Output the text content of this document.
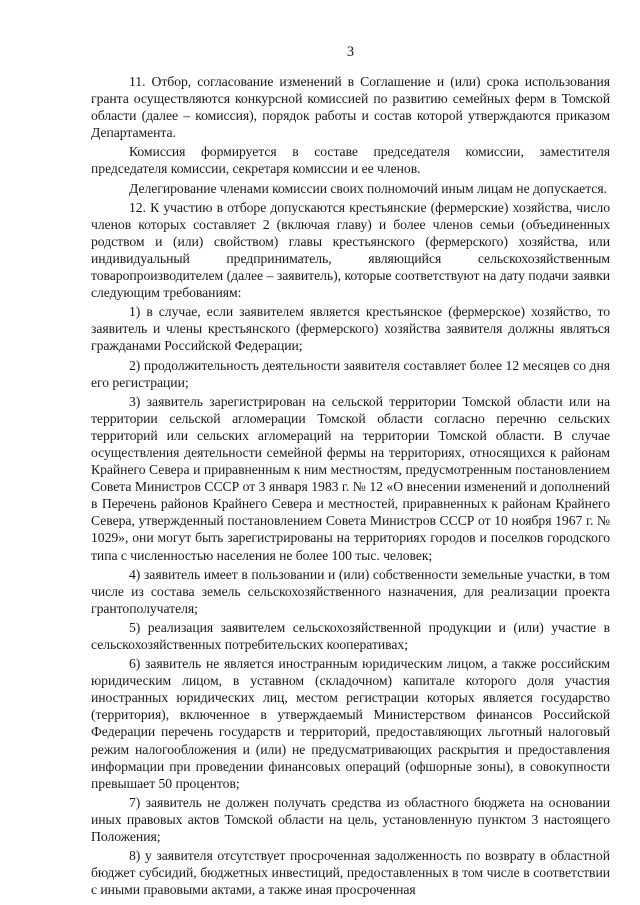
3

11. Отбор, согласование изменений в Соглашение и (или) срока использования гранта осуществляются конкурсной комиссией по развитию семейных ферм в Томской области (далее – комиссия), порядок работы и состав которой утверждаются приказом Департамента.

Комиссия формируется в составе председателя комиссии, заместителя председателя комиссии, секретаря комиссии и ее членов.

Делегирование членами комиссии своих полномочий иным лицам не допускается.

12. К участию в отборе допускаются крестьянские (фермерские) хозяйства, число членов которых составляет 2 (включая главу) и более членов семьи (объединенных родством и (или) свойством) главы крестьянского (фермерского) хозяйства, или индивидуальный предприниматель, являющийся сельскохозяйственным товаропроизводителем (далее – заявитель), которые соответствуют на дату подачи заявки следующим требованиям:

1) в случае, если заявителем является крестьянское (фермерское) хозяйство, то заявитель и члены крестьянского (фермерского) хозяйства заявителя должны являться гражданами Российской Федерации;

2) продолжительность деятельности заявителя составляет более 12 месяцев со дня его регистрации;

3) заявитель зарегистрирован на сельской территории Томской области или на территории сельской агломерации Томской области согласно перечню сельских территорий или сельских агломераций на территории Томской области. В случае осуществления деятельности семейной фермы на территориях, относящихся к районам Крайнего Севера и приравненным к ним местностям, предусмотренным постановлением Совета Министров СССР от 3 января 1983 г. № 12 «О внесении изменений и дополнений в Перечень районов Крайнего Севера и местностей, приравненных к районам Крайнего Севера, утвержденный постановлением Совета Министров СССР от 10 ноября 1967 г. № 1029», они могут быть зарегистрированы на территориях городов и поселков городского типа с численностью населения не более 100 тыс. человек;

4) заявитель имеет в пользовании и (или) собственности земельные участки, в том числе из состава земель сельскохозяйственного назначения, для реализации проекта грантополучателя;

5) реализация заявителем сельскохозяйственной продукции и (или) участие в сельскохозяйственных потребительских кооперативах;

6) заявитель не является иностранным юридическим лицом, а также российским юридическим лицом, в уставном (складочном) капитале которого доля участия иностранных юридических лиц, местом регистрации которых является государство (территория), включенное в утверждаемый Министерством финансов Российской Федерации перечень государств и территорий, предоставляющих льготный налоговый режим налогообложения и (или) не предусматривающих раскрытия и предоставления информации при проведении финансовых операций (офшорные зоны), в совокупности превышает 50 процентов;

7) заявитель не должен получать средства из областного бюджета на основании иных правовых актов Томской области на цель, установленную пунктом 3 настоящего Положения;

8) у заявителя отсутствует просроченная задолженность по возврату в областной бюджет субсидий, бюджетных инвестиций, предоставленных в том числе в соответствии с иными правовыми актами, а также иная просроченная
